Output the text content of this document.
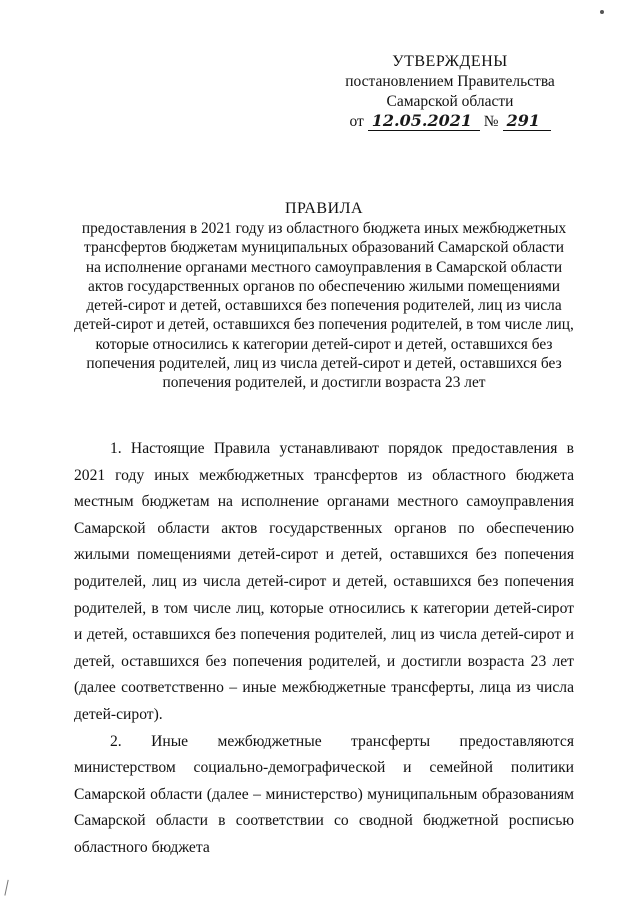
УТВЕРЖДЕНЫ
постановлением Правительства
Самарской области
от 12.05.2021 № 291
ПРАВИЛА
предоставления в 2021 году из областного бюджета иных межбюджетных
трансфертов бюджетам муниципальных образований Самарской области
на исполнение органами местного самоуправления в Самарской области
актов государственных органов по обеспечению жилыми помещениями
детей-сирот и детей, оставшихся без попечения родителей, лиц из числа
детей-сирот и детей, оставшихся без попечения родителей, в том числе лиц,
которые относились к категории детей-сирот и детей, оставшихся без
попечения родителей, лиц из числа детей-сирот и детей, оставшихся без
попечения родителей, и достигли возраста 23 лет

1. Настоящие Правила устанавливают порядок предоставления в 2021 году иных межбюджетных трансфертов из областного бюджета местным бюджетам на исполнение органами местного самоуправления Самарской области актов государственных органов по обеспечению жилыми помещениями детей-сирот и детей, оставшихся без попечения родителей, лиц из числа детей-сирот и детей, оставшихся без попечения родителей, в том числе лиц, которые относились к категории детей-сирот и детей, оставшихся без попечения родителей, лиц из числа детей-сирот и детей, оставшихся без попечения родителей, и достигли возраста 23 лет (далее соответственно – иные межбюджетные трансферты, лица из числа детей-сирот).

2. Иные межбюджетные трансферты предоставляются министерством социально-демографической и семейной политики Самарской области (далее – министерство) муниципальным образованиям Самарской области в соответствии со сводной бюджетной росписью областного бюджета
